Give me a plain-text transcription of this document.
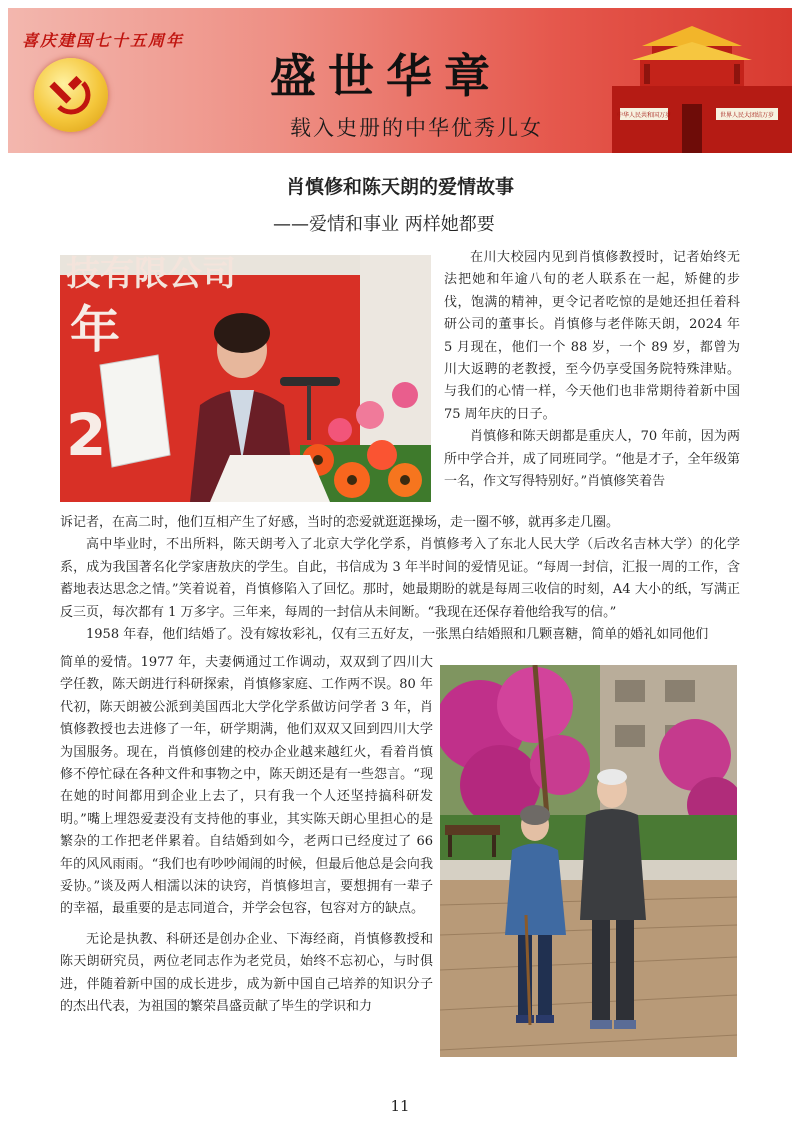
喜庆建国七十五周年
盛世华章
载入史册的中华优秀儿女
中华人民共和国万岁	世界人民大团结万岁
肖慎修和陈天朗的爱情故事
——爱情和事业 两样她都要
技有限公司
年
2

在川大校园内见到肖慎修教授时，记者始终无法把她和年逾八旬的老人联系在一起，矫健的步伐，饱满的精神，更令记者吃惊的是她还担任着科研公司的董事长。肖慎修与老伴陈天朗，2024 年 5 月现在，他们一个 88 岁，一个 89 岁，都曾为川大返聘的老教授，至今仍享受国务院特殊津贴。与我们的心情一样，今天他们也非常期待着新中国 75 周年庆的日子。

肖慎修和陈天朗都是重庆人，70 年前，因为两所中学合并，成了同班同学。“他是才子，全年级第一名，作文写得特别好。”肖慎修笑着告

诉记者，在高二时，他们互相产生了好感，当时的恋爱就逛逛操场，走一圈不够，就再多走几圈。

高中毕业时，不出所料，陈天朗考入了北京大学化学系，肖慎修考入了东北人民大学（后改名吉林大学）的化学系，成为我国著名化学家唐敖庆的学生。自此，书信成为 3 年半时间的爱情见证。“每周一封信，汇报一周的工作，含蓄地表达思念之情。”笑着说着，肖慎修陷入了回忆。那时，她最期盼的就是每周三收信的时刻，A4 大小的纸，写满正反三页，每次都有 1 万多字。三年来，每周的一封信从未间断。“我现在还保存着他给我写的信。”

1958 年春，他们结婚了。没有嫁妆彩礼，仅有三五好友，一张黑白结婚照和几颗喜糖，简单的婚礼如同他们

简单的爱情。1977 年，夫妻俩通过工作调动，双双到了四川大学任教，陈天朗进行科研探索，肖慎修家庭、工作两不误。80 年代初，陈天朗被公派到美国西北大学化学系做访问学者 3 年，肖慎修教授也去进修了一年，研学期满，他们双双又回到四川大学为国服务。现在，肖慎修创建的校办企业越来越红火，看着肖慎修不停忙碌在各种文件和事物之中，陈天朗还是有一些怨言。“现在她的时间都用到企业上去了，只有我一个人还坚持搞科研发明。”嘴上埋怨爱妻没有支持他的事业，其实陈天朗心里担心的是繁杂的工作把老伴累着。自结婚到如今，老两口已经度过了 66 年的风风雨雨。“我们也有吵吵闹闹的时候，但最后他总是会向我妥协。”谈及两人相濡以沫的诀窍，肖慎修坦言，要想拥有一辈子的幸福，最重要的是志同道合，并学会包容，包容对方的缺点。

无论是执教、科研还是创办企业、下海经商，肖慎修教授和陈天朗研究员，两位老同志作为老党员，始终不忘初心，与时俱进，伴随着新中国的成长进步，成为新中国自己培养的知识分子的杰出代表，为祖国的繁荣昌盛贡献了毕生的学识和力

11
